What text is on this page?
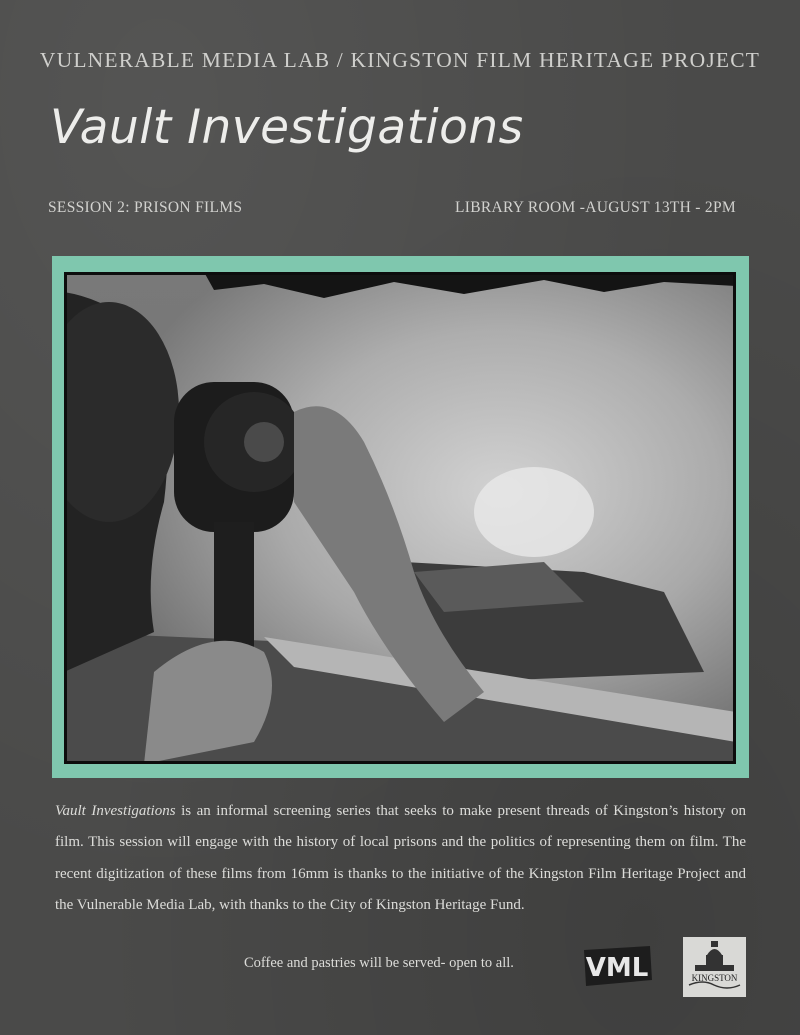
VULNERABLE MEDIA LAB / KINGSTON FILM HERITAGE PROJECT
Vault Investigations
SESSION 2: PRISON FILMS	LIBRARY ROOM -AUGUST 13TH - 2PM
Vault Investigations is an informal screening series that seeks to make present threads of Kingston’s history on film. This session will engage with the history of local prisons and the politics of representing them on film. The recent digitization of these films from 16mm is thanks to the initiative of the Kingston Film Heritage Project and the Vulnerable Media Lab, with thanks to the City of Kingston Heritage Fund.
Coffee and pastries will be served- open to all.	VML	KINGSTON
